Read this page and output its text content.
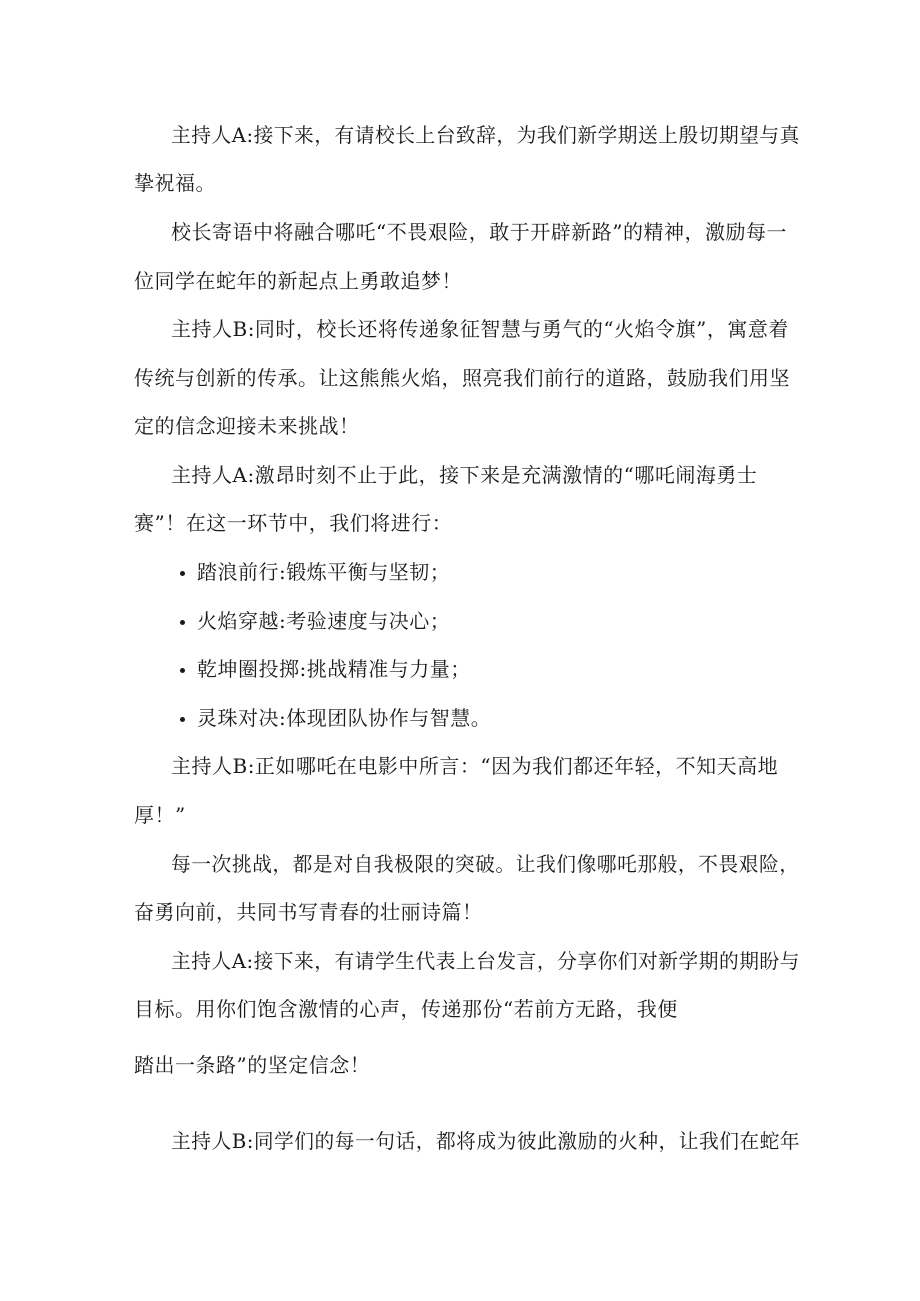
主持人A:接下来，有请校长上台致辞，为我们新学期送上殷切期望与真
挚祝福。
校长寄语中将融合哪吒“不畏艰险，敢于开辟新路”的精神，激励每一
位同学在蛇年的新起点上勇敢追梦！
主持人B:同时，校长还将传递象征智慧与勇气的“火焰令旗”，寓意着
传统与创新的传承。让这熊熊火焰，照亮我们前行的道路，鼓励我们用坚
定的信念迎接未来挑战！
主持人A:激昂时刻不止于此，接下来是充满激情的“哪吒闹海勇士
赛”！在这一环节中，我们将进行：
踏浪前行:锻炼平衡与坚韧；
火焰穿越:考验速度与决心；
乾坤圈投掷:挑战精准与力量；
灵珠对决:体现团队协作与智慧。
主持人B:正如哪吒在电影中所言：“因为我们都还年轻，不知天高地
厚！”
每一次挑战，都是对自我极限的突破。让我们像哪吒那般，不畏艰险，
奋勇向前，共同书写青春的壮丽诗篇！
主持人A:接下来，有请学生代表上台发言，分享你们对新学期的期盼与
目标。用你们饱含激情的心声，传递那份“若前方无路，我便
踏出一条路”的坚定信念！
主持人B:同学们的每一句话，都将成为彼此激励的火种，让我们在蛇年
